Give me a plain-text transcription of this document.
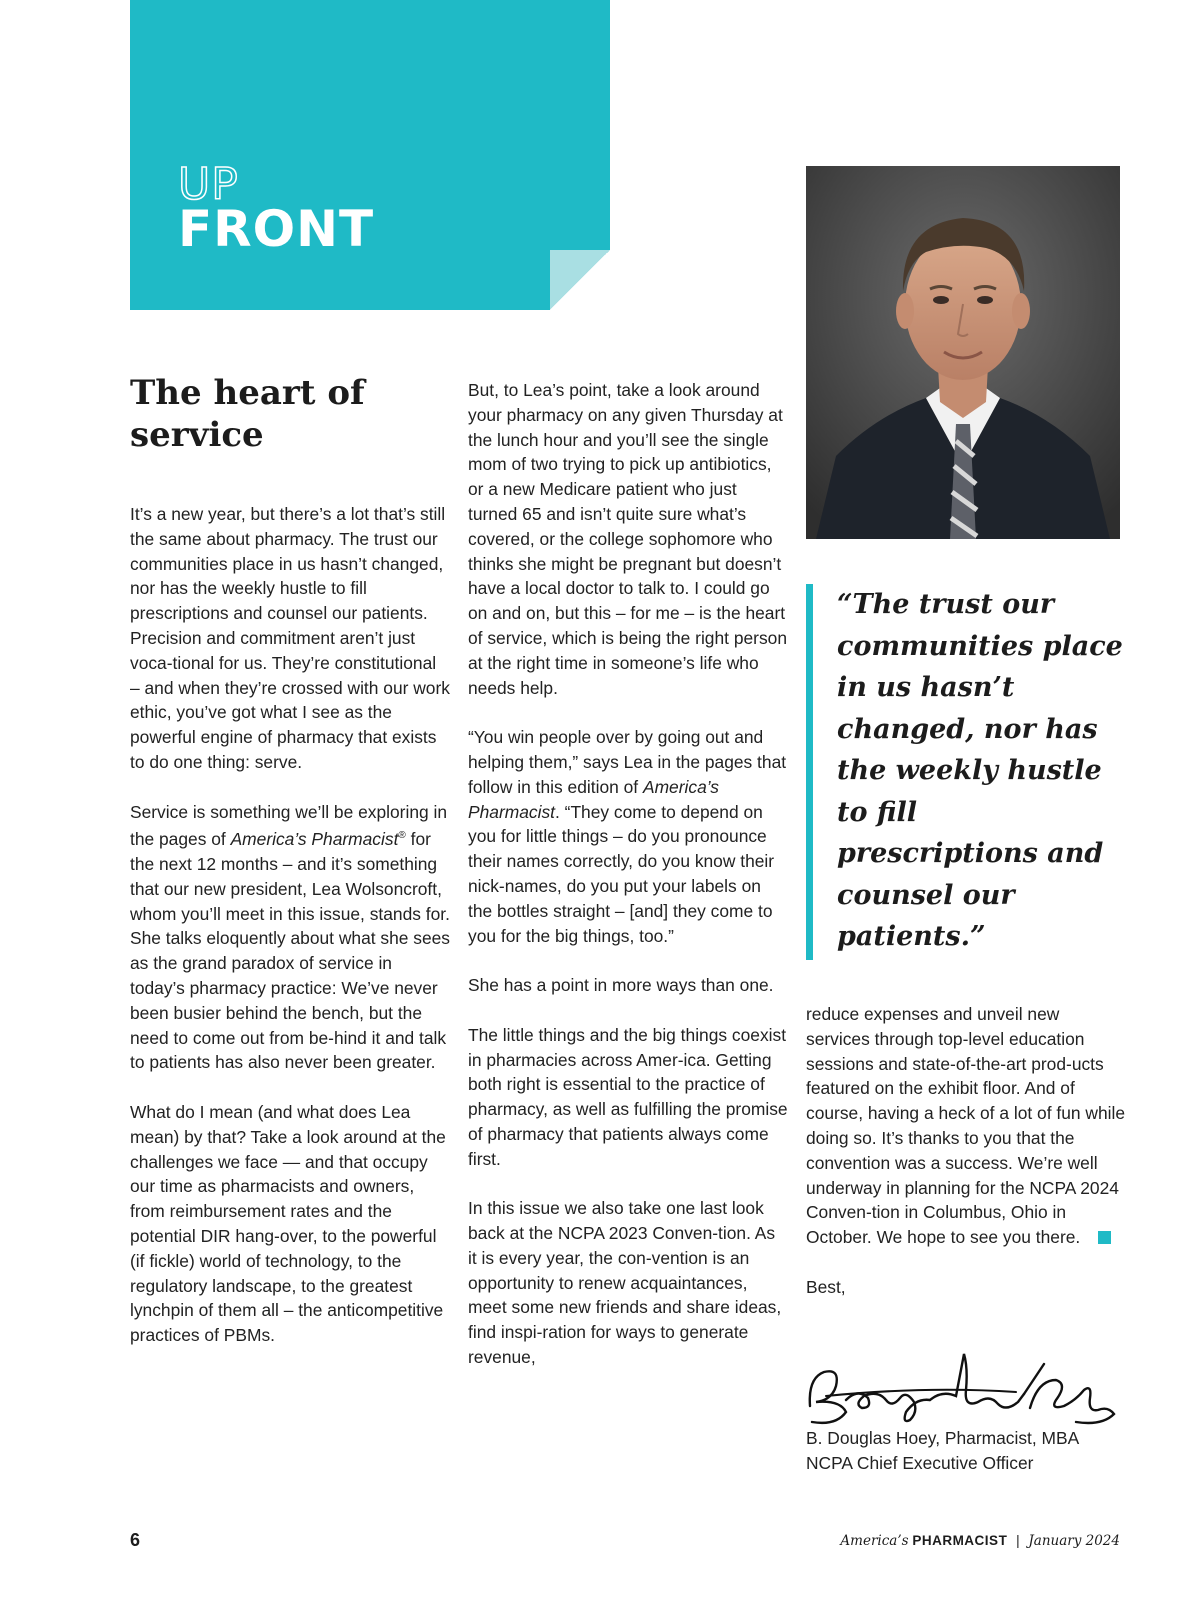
UP
FRONT
The heart of service

It’s a new year, but there’s a lot that’s still the same about pharmacy. The trust our communities place in us hasn’t changed, nor has the weekly hustle to fill prescriptions and counsel our patients. Precision and commitment aren’t just voca-tional for us. They’re constitutional – and when they’re crossed with our work ethic, you’ve got what I see as the powerful engine of pharmacy that exists to do one thing: serve.

Service is something we’ll be exploring in the pages of America’s Pharmacist® for the next 12 months – and it’s something that our new president, Lea Wolsoncroft, whom you’ll meet in this issue, stands for. She talks eloquently about what she sees as the grand paradox of service in today’s pharmacy practice: We’ve never been busier behind the bench, but the need to come out from be-hind it and talk to patients has also never been greater.

What do I mean (and what does Lea mean) by that? Take a look around at the challenges we face — and that occupy our time as pharmacists and owners, from reimbursement rates and the potential DIR hang-over, to the powerful (if fickle) world of technology, to the regulatory landscape, to the greatest lynchpin of them all – the anticompetitive practices of PBMs.

But, to Lea’s point, take a look around your pharmacy on any given Thursday at the lunch hour and you’ll see the single mom of two trying to pick up antibiotics, or a new Medicare patient who just turned 65 and isn’t quite sure what’s covered, or the college sophomore who thinks she might be pregnant but doesn’t have a local doctor to talk to. I could go on and on, but this – for me – is the heart of service, which is being the right person at the right time in someone’s life who needs help.

“You win people over by going out and helping them,” says Lea in the pages that follow in this edition of America’s Pharmacist. “They come to depend on you for little things – do you pronounce their names correctly, do you know their nick-names, do you put your labels on the bottles straight – [and] they come to you for the big things, too.”

She has a point in more ways than one.

The little things and the big things coexist in pharmacies across Amer-ica. Getting both right is essential to the practice of pharmacy, as well as fulfilling the promise of pharmacy that patients always come first.

In this issue we also take one last look back at the NCPA 2023 Conven-tion. As it is every year, the con-vention is an opportunity to renew acquaintances, meet some new friends and share ideas, find inspi-ration for ways to generate revenue,

“The trust our communities place in us hasn’t changed, nor has the weekly hustle to fill prescriptions and counsel our patients.”

reduce expenses and unveil new services through top-level education sessions and state-of-the-art prod-ucts featured on the exhibit floor. And of course, having a heck of a lot of fun while doing so. It’s thanks to you that the convention was a success. We’re well underway in planning for the NCPA 2024 Conven-tion in Columbus, Ohio in October. We hope to see you there.

Best,

B. Douglas Hoey, Pharmacist, MBA
NCPA Chief Executive Officer
6	America’s PHARMACIST | January 2024
